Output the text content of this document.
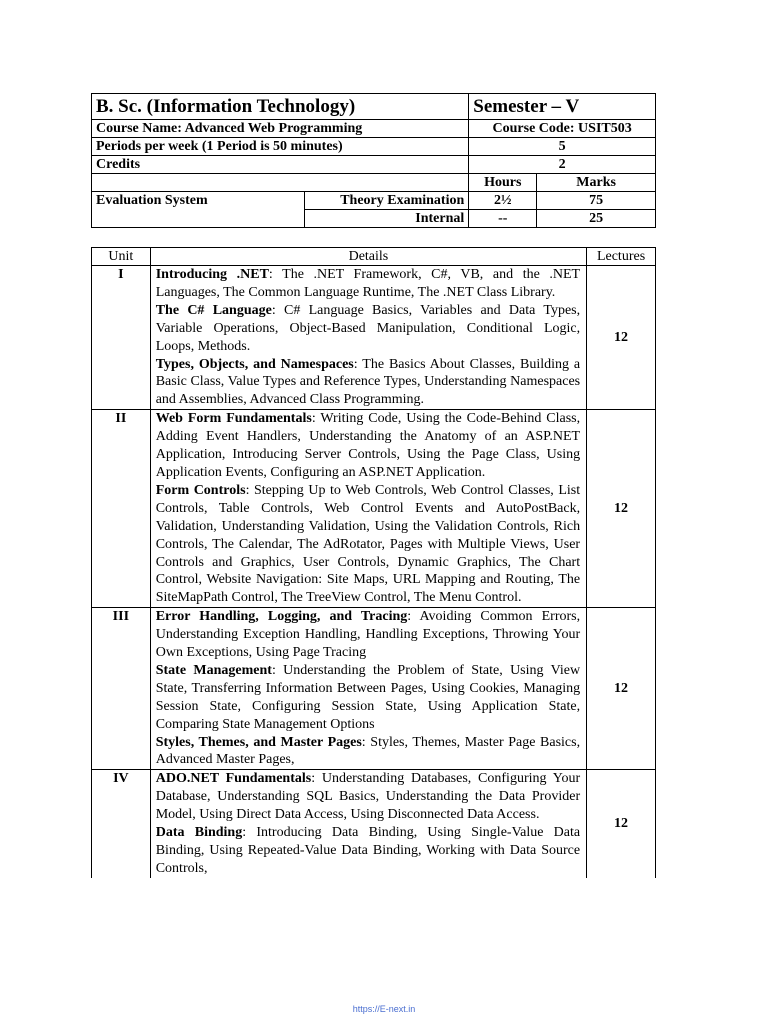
B. Sc. (Information Technology)		Semester – V	
Course Name: Advanced Web Programming		Course Code: USIT503	
Periods per week (1 Period is 50 minutes)		5	
Credits		2	
		Hours	Marks
Evaluation System	Theory Examination	2½	75
	Internal	--	25
Unit	Details	Lectures
I	Introducing .NET: The .NET Framework, C#, VB, and the .NET Languages, The Common Language Runtime, The .NET Class Library.
The C# Language: C# Language Basics, Variables and Data Types, Variable Operations, Object-Based Manipulation, Conditional Logic, Loops, Methods.
Types, Objects, and Namespaces: The Basics About Classes, Building a Basic Class, Value Types and Reference Types, Understanding Namespaces and Assemblies, Advanced Class Programming.	12
II	Web Form Fundamentals: Writing Code, Using the Code-Behind Class, Adding Event Handlers, Understanding the Anatomy of an ASP.NET Application, Introducing Server Controls, Using the Page Class, Using Application Events, Configuring an ASP.NET Application.
Form Controls: Stepping Up to Web Controls, Web Control Classes, List Controls, Table Controls, Web Control Events and AutoPostBack, Validation, Understanding Validation, Using the Validation Controls, Rich Controls, The Calendar, The AdRotator, Pages with Multiple Views, User Controls and Graphics, User Controls, Dynamic Graphics, The Chart Control, Website Navigation: Site Maps, URL Mapping and Routing, The SiteMapPath Control, The TreeView Control, The Menu Control.	12
III	Error Handling, Logging, and Tracing: Avoiding Common Errors, Understanding Exception Handling, Handling Exceptions, Throwing Your Own Exceptions, Using Page Tracing
State Management: Understanding the Problem of State, Using View State, Transferring Information Between Pages, Using Cookies, Managing Session State, Configuring Session State, Using Application State, Comparing State Management Options
Styles, Themes, and Master Pages: Styles, Themes, Master Page Basics, Advanced Master Pages,	12
IV	ADO.NET Fundamentals: Understanding Databases, Configuring Your Database, Understanding SQL Basics, Understanding the Data Provider Model, Using Direct Data Access, Using Disconnected Data Access.
Data Binding: Introducing Data Binding, Using Single-Value Data Binding, Using Repeated-Value Data Binding, Working with Data Source Controls,	12
https://E-next.in
